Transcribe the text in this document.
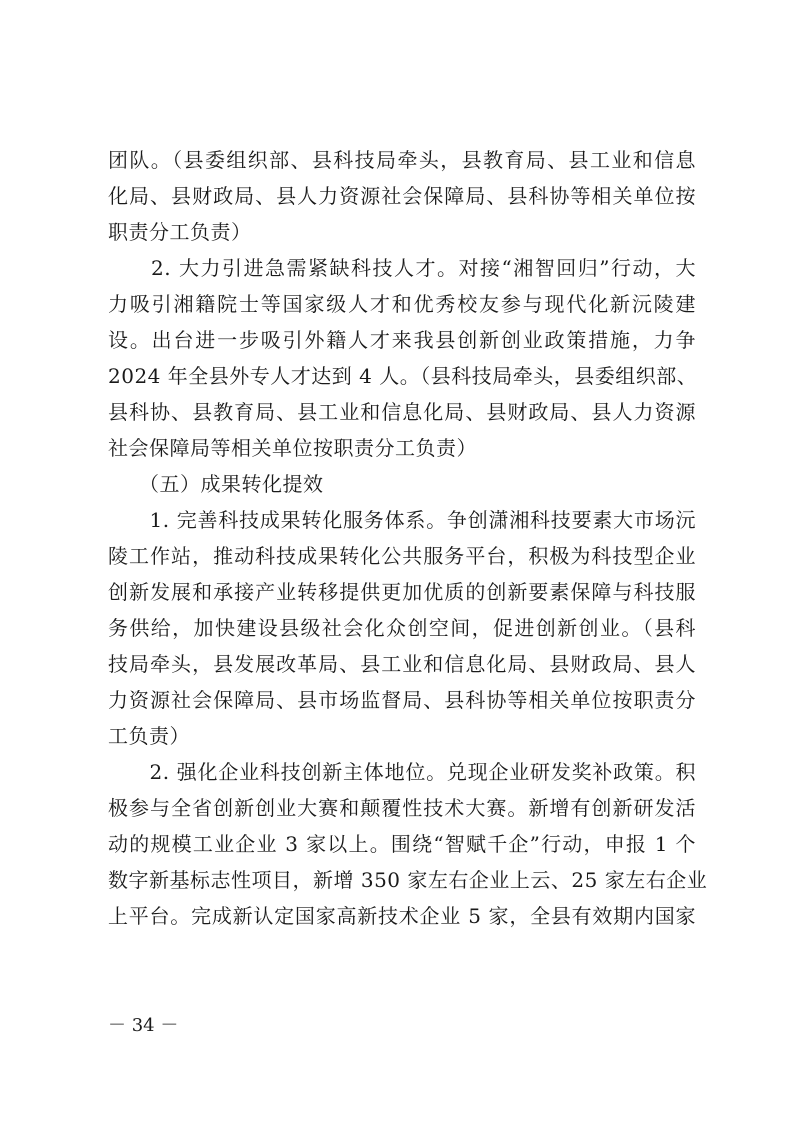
团队。（县委组织部、县科技局牵头，县教育局、县工业和信息
化局、县财政局、县人力资源社会保障局、县科协等相关单位按
职责分工负责）
　　2. 大力引进急需紧缺科技人才。对接“湘智回归”行动，大
力吸引湘籍院士等国家级人才和优秀校友参与现代化新沅陵建
设。出台进一步吸引外籍人才来我县创新创业政策措施，力争
2024 年全县外专人才达到 4 人。（县科技局牵头，县委组织部、
县科协、县教育局、县工业和信息化局、县财政局、县人力资源
社会保障局等相关单位按职责分工负责）
　　（五）成果转化提效
　　1. 完善科技成果转化服务体系。争创潇湘科技要素大市场沅
陵工作站，推动科技成果转化公共服务平台，积极为科技型企业
创新发展和承接产业转移提供更加优质的创新要素保障与科技服
务供给，加快建设县级社会化众创空间，促进创新创业。（县科
技局牵头，县发展改革局、县工业和信息化局、县财政局、县人
力资源社会保障局、县市场监督局、县科协等相关单位按职责分
工负责）
　　2. 强化企业科技创新主体地位。兑现企业研发奖补政策。积
极参与全省创新创业大赛和颠覆性技术大赛。新增有创新研发活
动的规模工业企业 3 家以上。围绕“智赋千企”行动，申报 1 个
数字新基标志性项目，新增 350 家左右企业上云、25 家左右企业
上平台。完成新认定国家高新技术企业 5 家，全县有效期内国家
－ 34 －
